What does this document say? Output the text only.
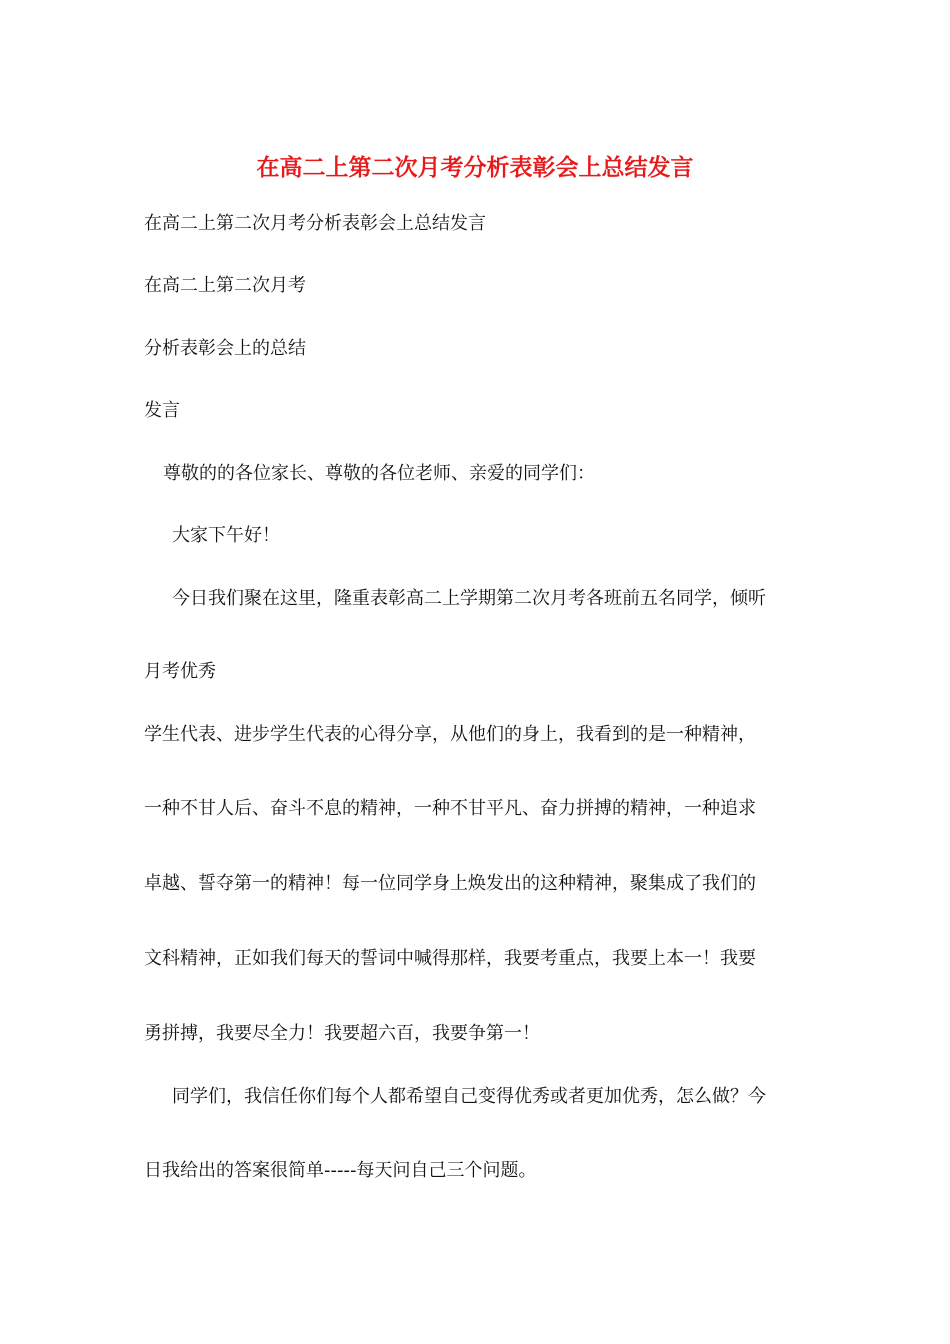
在高二上第二次月考分析表彰会上总结发言
在高二上第二次月考分析表彰会上总结发言
在高二上第二次月考
分析表彰会上的总结
发言
尊敬的的各位家长、尊敬的各位老师、亲爱的同学们：
大家下午好！
今日我们聚在这里，隆重表彰高二上学期第二次月考各班前五名同学，倾听
月考优秀
学生代表、进步学生代表的心得分享，从他们的身上，我看到的是一种精神，
一种不甘人后、奋斗不息的精神，一种不甘平凡、奋力拼搏的精神，一种追求
卓越、誓夺第一的精神！每一位同学身上焕发出的这种精神，聚集成了我们的
文科精神，正如我们每天的誓词中喊得那样，我要考重点，我要上本一！我要
勇拼搏，我要尽全力！我要超六百，我要争第一！
同学们，我信任你们每个人都希望自己变得优秀或者更加优秀，怎么做？今
日我给出的答案很简单-----每天问自己三个问题。
